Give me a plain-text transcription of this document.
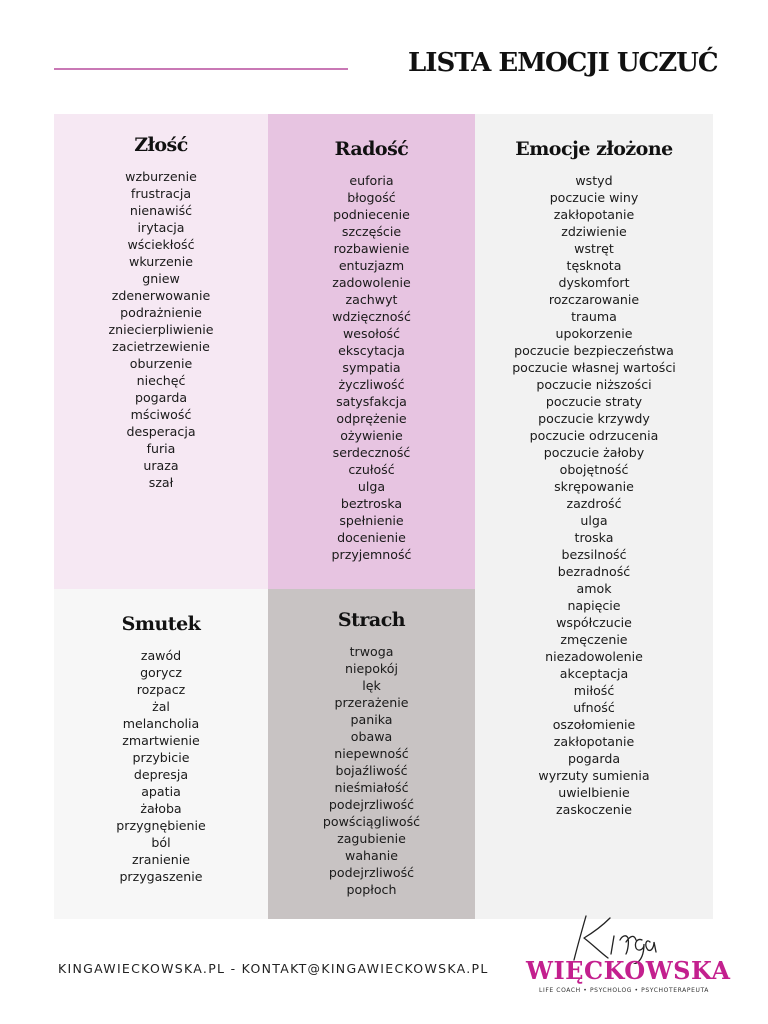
LISTA EMOCJI UCZUĆ
Złość
wzburzenie
frustracja
nienawiść
irytacja
wściekłość
wkurzenie
gniew
zdenerwowanie
podrażnienie
zniecierpliwienie
zacietrzewienie
oburzenie
niechęć
pogarda
mściwość
desperacja
furia
uraza
szał
Radość
euforia
błogość
podniecenie
szczęście
rozbawienie
entuzjazm
zadowolenie
zachwyt
wdzięczność
wesołość
ekscytacja
sympatia
życzliwość
satysfakcja
odprężenie
ożywienie
serdeczność
czułość
ulga
beztroska
spełnienie
docenienie
przyjemność
Emocje złożone
wstyd
poczucie winy
zakłopotanie
zdziwienie
wstręt
tęsknota
dyskomfort
rozczarowanie
trauma
upokorzenie
poczucie bezpieczeństwa
poczucie własnej wartości
poczucie niższości
poczucie straty
poczucie krzywdy
poczucie odrzucenia
poczucie żałoby
obojętność
skrępowanie
zazdrość
ulga
troska
bezsilność
bezradność
amok
napięcie
współczucie
zmęczenie
niezadowolenie
akceptacja
miłość
ufność
oszołomienie
zakłopotanie
pogarda
wyrzuty sumienia
uwielbienie
zaskoczenie
Smutek
zawód
gorycz
rozpacz
żal
melancholia
zmartwienie
przybicie
depresja
apatia
żałoba
przygnębienie
ból
zranienie
przygaszenie
Strach
trwoga
niepokój
lęk
przerażenie
panika
obawa
niepewność
bojaźliwość
nieśmiałość
podejrzliwość
powściągliwość
zagubienie
wahanie
podejrzliwość
popłoch
KINGAWIECKOWSKA.PL - KONTAKT@KINGAWIECKOWSKA.PL WIĘCKOWSKA
LIFE COACH • PSYCHOLOG • PSYCHOTERAPEUTA
